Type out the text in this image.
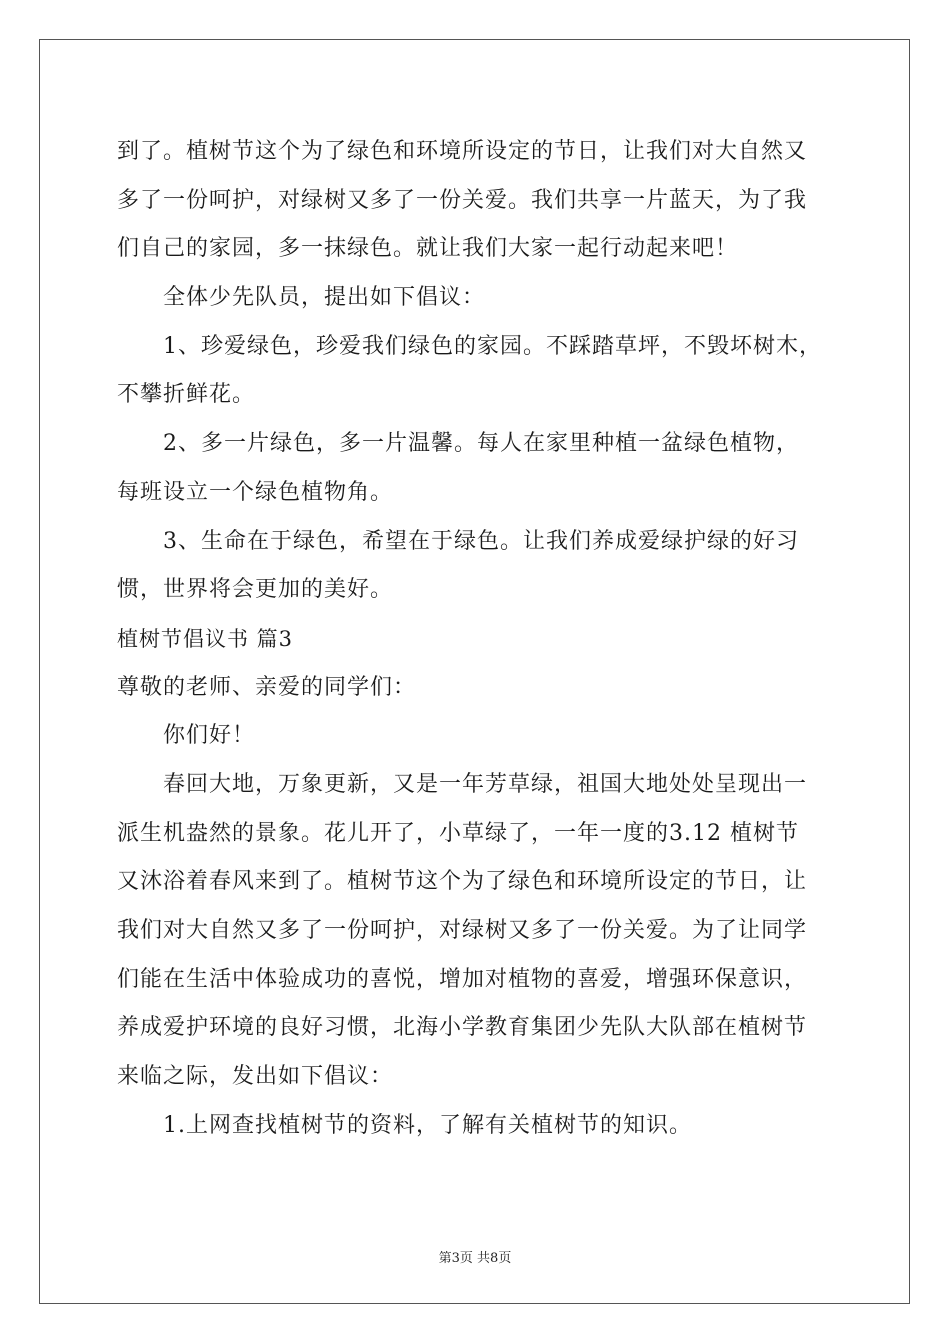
到了。植树节这个为了绿色和环境所设定的节日，让我们对大自然又
多了一份呵护，对绿树又多了一份关爱。我们共享一片蓝天，为了我
们自己的家园，多一抹绿色。就让我们大家一起行动起来吧！
全体少先队员，提出如下倡议：
1、珍爱绿色，珍爱我们绿色的家园。不踩踏草坪，不毁坏树木，
不攀折鲜花。
2、多一片绿色，多一片温馨。每人在家里种植一盆绿色植物，
每班设立一个绿色植物角。
3、生命在于绿色，希望在于绿色。让我们养成爱绿护绿的好习
惯，世界将会更加的美好。
植树节倡议书 篇3
尊敬的老师、亲爱的同学们：
你们好！
春回大地，万象更新，又是一年芳草绿，祖国大地处处呈现出一
派生机盎然的景象。花儿开了，小草绿了，一年一度的3.12 植树节
又沐浴着春风来到了。植树节这个为了绿色和环境所设定的节日，让
我们对大自然又多了一份呵护，对绿树又多了一份关爱。为了让同学
们能在生活中体验成功的喜悦，增加对植物的喜爱，增强环保意识，
养成爱护环境的良好习惯，北海小学教育集团少先队大队部在植树节
来临之际，发出如下倡议：
1.上网查找植树节的资料，了解有关植树节的知识。
第3页 共8页
